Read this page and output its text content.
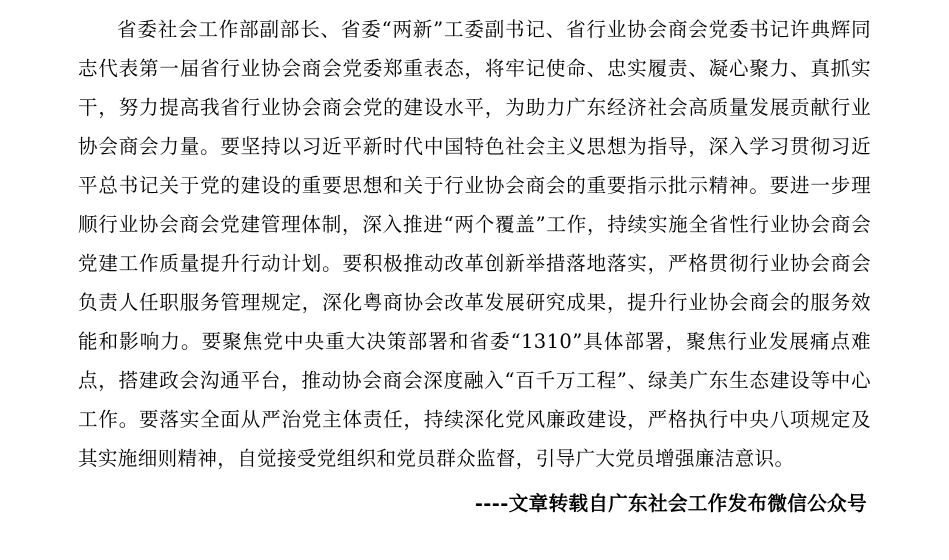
省委社会工作部副部长、省委“两新”工委副书记、省行业协会商会党委书记许典辉同志代表第一届省行业协会商会党委郑重表态，将牢记使命、忠实履责、凝心聚力、真抓实干，努力提高我省行业协会商会党的建设水平，为助力广东经济社会高质量发展贡献行业协会商会力量。要坚持以习近平新时代中国特色社会主义思想为指导，深入学习贯彻习近平总书记关于党的建设的重要思想和关于行业协会商会的重要指示批示精神。要进一步理顺行业协会商会党建管理体制，深入推进“两个覆盖”工作，持续实施全省性行业协会商会党建工作质量提升行动计划。要积极推动改革创新举措落地落实，严格贯彻行业协会商会负责人任职服务管理规定，深化粤商协会改革发展研究成果，提升行业协会商会的服务效能和影响力。要聚焦党中央重大决策部署和省委“1310”具体部署，聚焦行业发展痛点难点，搭建政会沟通平台，推动协会商会深度融入“百千万工程”、绿美广东生态建设等中心工作。要落实全面从严治党主体责任，持续深化党风廉政建设，严格执行中央八项规定及其实施细则精神，自觉接受党组织和党员群众监督，引导广大党员增强廉洁意识。

----文章转载自广东社会工作发布微信公众号
